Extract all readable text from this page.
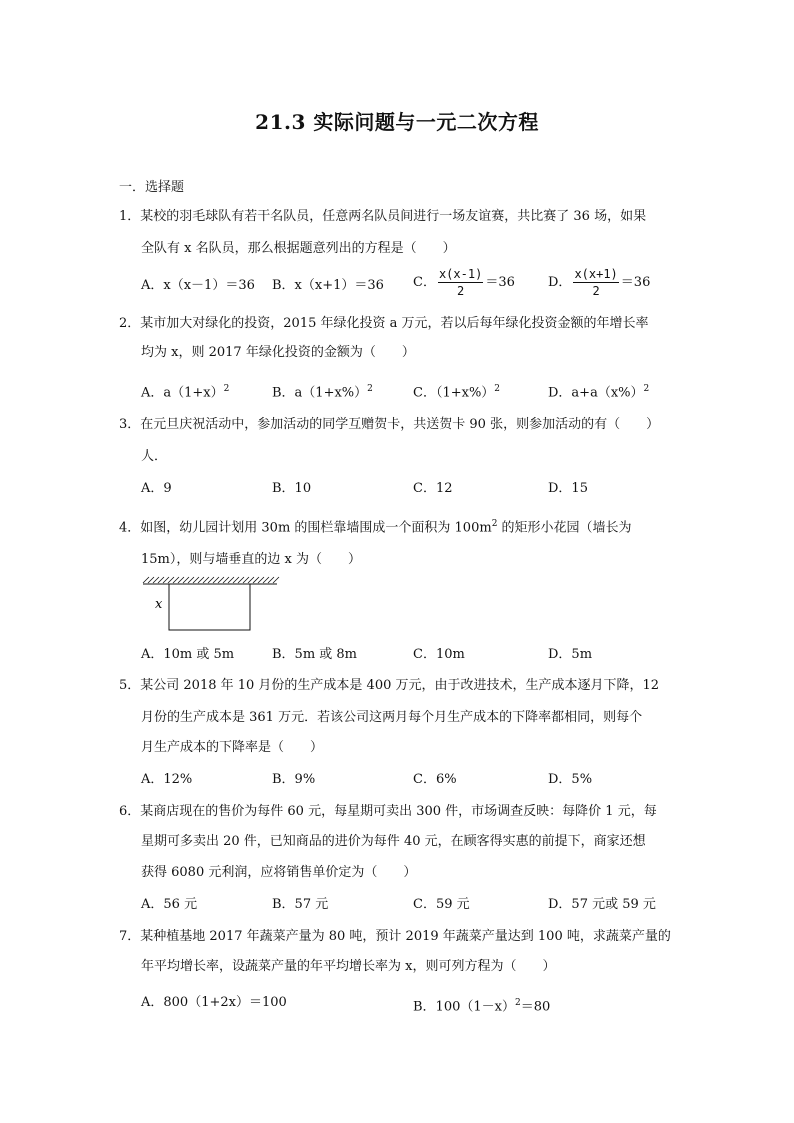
21.3 实际问题与一元二次方程
一．选择题
1．某校的羽毛球队有若干名队员，任意两名队员间进行一场友谊赛，共比赛了 36 场，如果
全队有 x 名队员，那么根据题意列出的方程是（　　）
A．x（x－1）＝36 B．x（x+1）＝36 C． $\frac{x(x-1)}{2} =36$	D． $\frac{x(x+1)}{2} =36$
2．某市加大对绿化的投资，2015 年绿化投资 a 万元，若以后每年绿化投资金额的年增长率
均为 x，则 2017 年绿化投资的金额为（　　）
A．$a(1+x)^2$	B．$a(1+x\%)^2$	C．$(1+x\%)^2$	D．$a+a(x\%)^2$
3．在元旦庆祝活动中，参加活动的同学互赠贺卡，共送贺卡 90 张，则参加活动的有（　　）
人．
A．9	B．10	C．12	D．15
4．如图，幼儿园计划用 30m 的围栏靠墙围成一个面积为 $100m^2$ 的矩形小花园（墙长为
15m），则与墙垂直的边 x 为（　　）
x
A．10m 或 5m	B．5m 或 8m	C．10m	D．5m
5．某公司 2018 年 10 月份的生产成本是 400 万元，由于改进技术，生产成本逐月下降，12
月份的生产成本是 361 万元．若该公司这两月每个月生产成本的下降率都相同，则每个
月生产成本的下降率是（　　）
A．12%	B．9%	C．6%	D．5%
6．某商店现在的售价为每件 60 元，每星期可卖出 300 件，市场调查反映：每降价 1 元，每
星期可多卖出 20 件，已知商品的进价为每件 40 元，在顾客得实惠的前提下，商家还想
获得 6080 元利润，应将销售单价定为（　　）
A．56 元	B．57 元	C．59 元	D．57 元或 59 元
7．某种植基地 2017 年蔬菜产量为 80 吨，预计 2019 年蔬菜产量达到 100 吨，求蔬菜产量的
年平均增长率，设蔬菜产量的年平均增长率为 x，则可列方程为（　　）
A．800（1+2x）＝100	B．$100(1-x)^2=80$
